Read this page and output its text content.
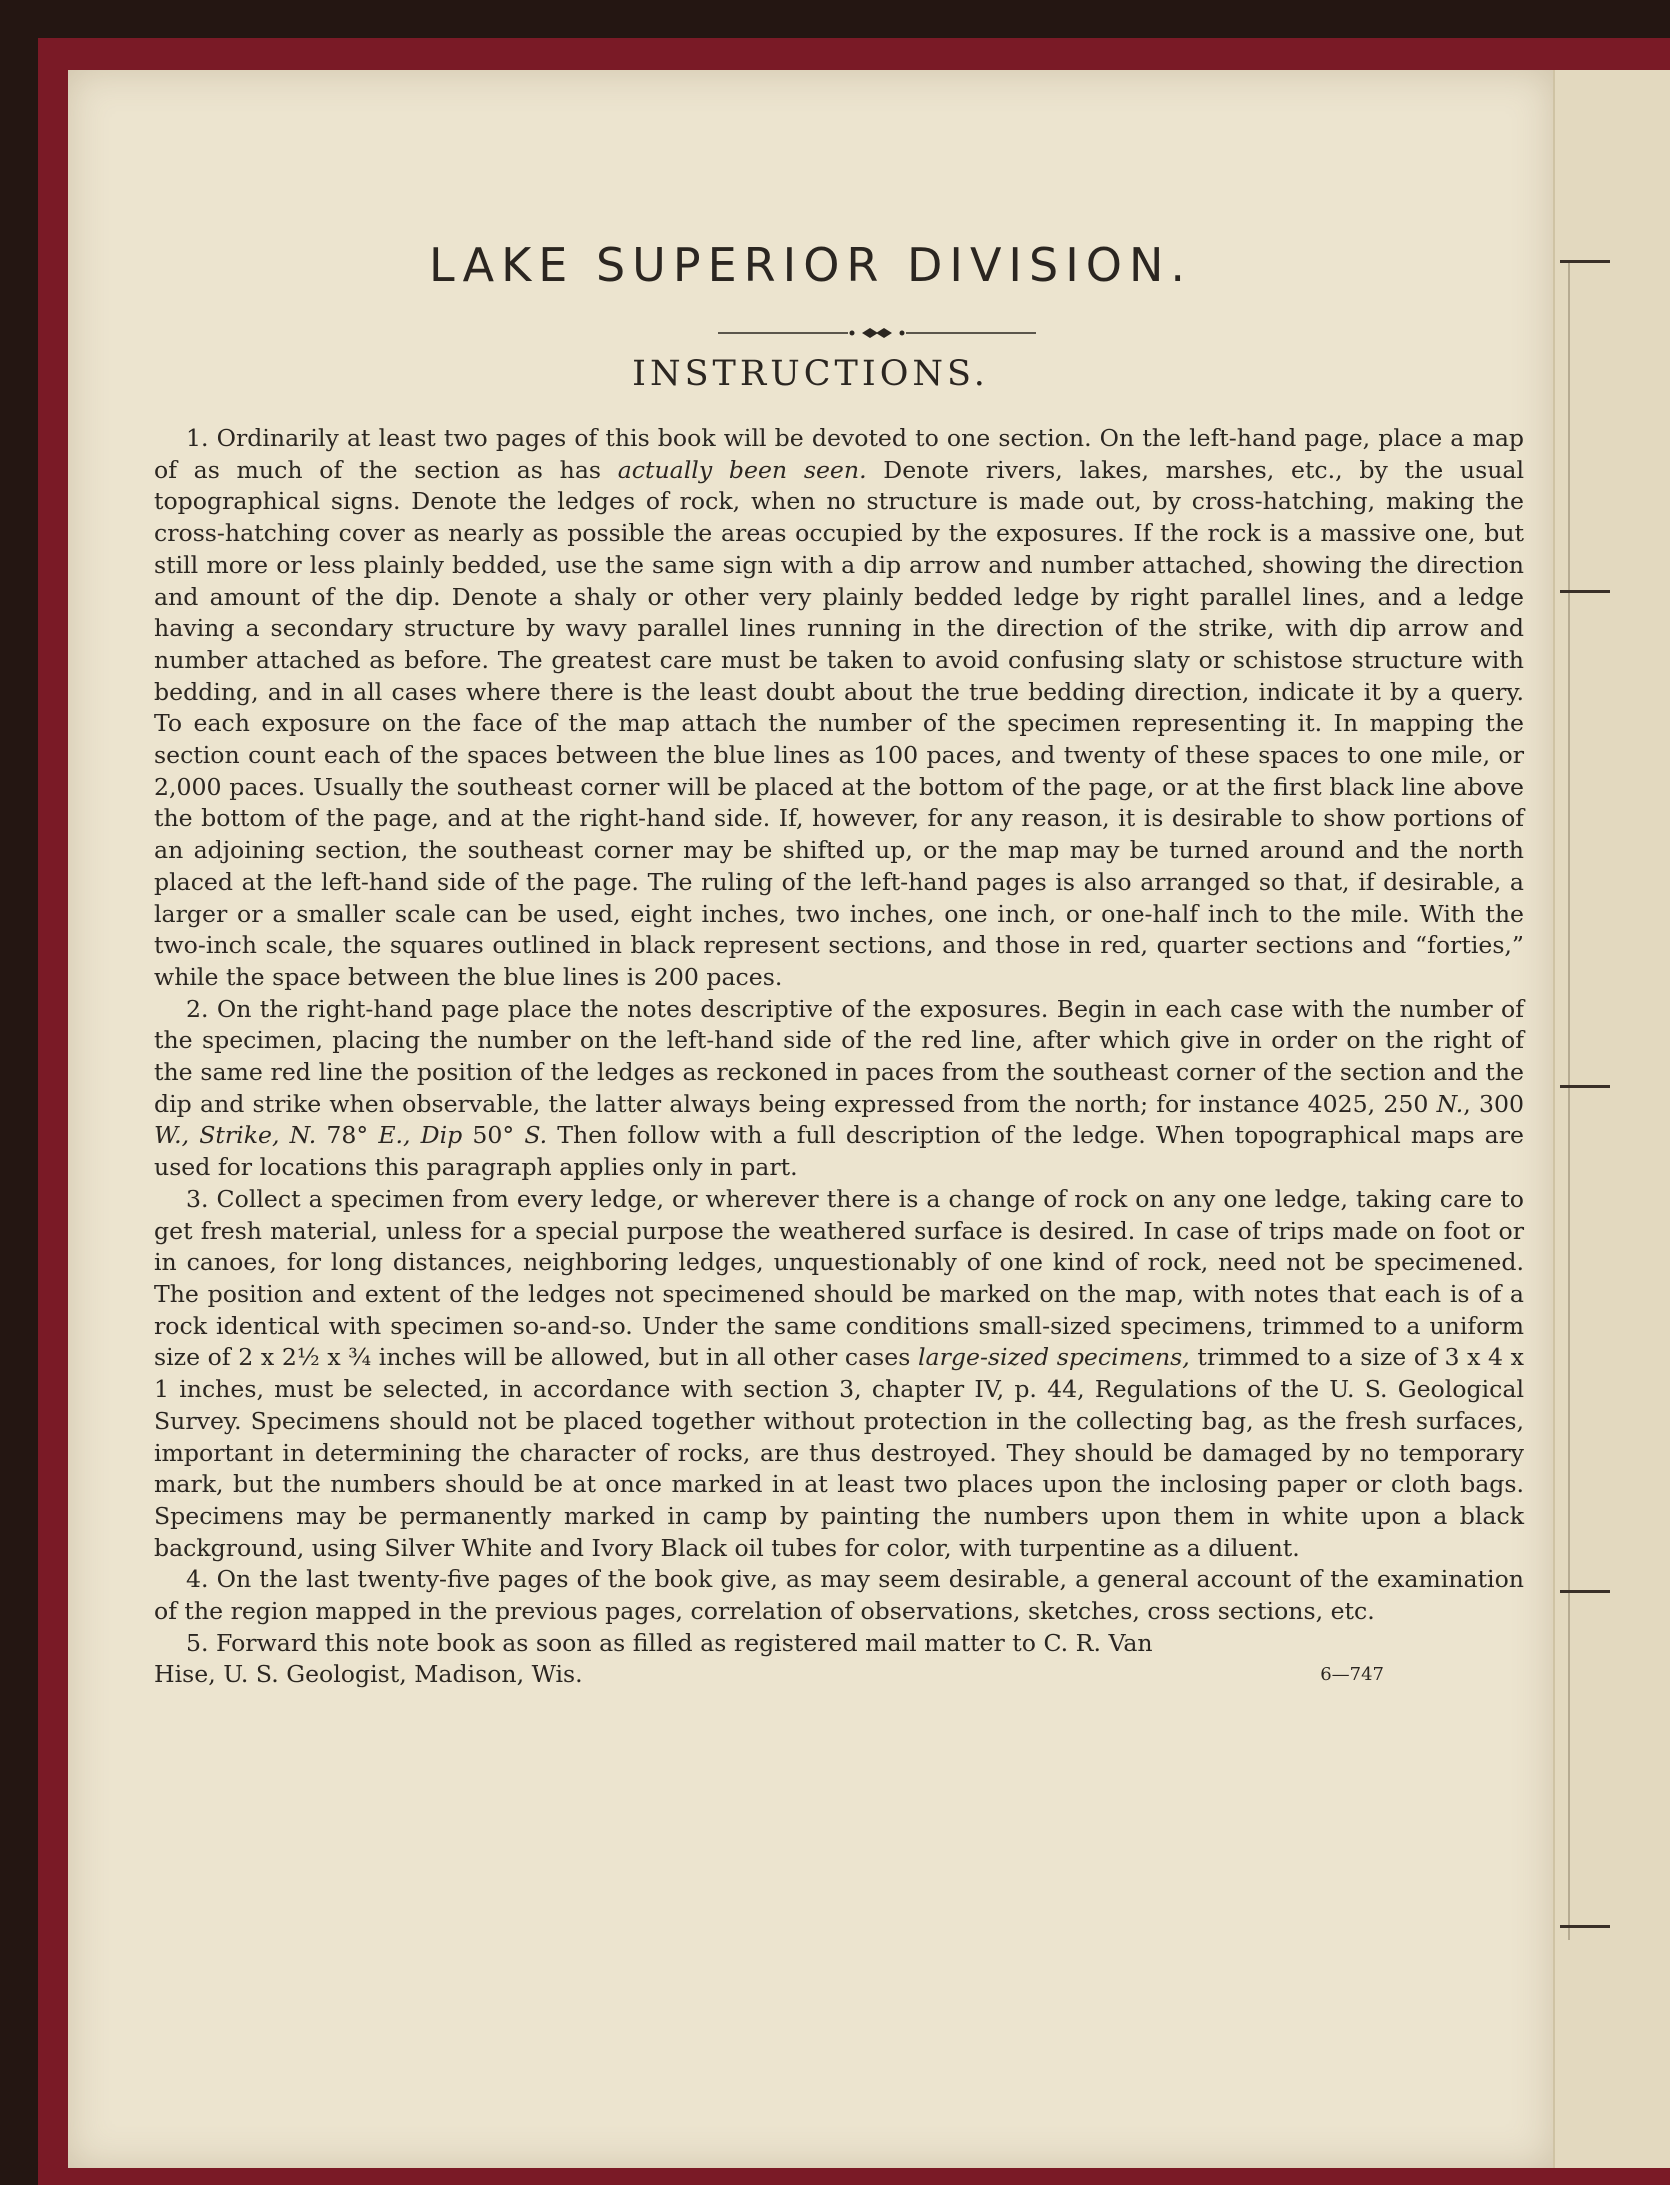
LAKE SUPERIOR DIVISION.
INSTRUCTIONS.

1. Ordinarily at least two pages of this book will be devoted to one section. On the left-hand page, place a map of as much of the section as has actually been seen. Denote rivers, lakes, marshes, etc., by the usual topographical signs. Denote the ledges of rock, when no structure is made out, by cross-hatching, making the cross-hatching cover as nearly as possible the areas occupied by the exposures. If the rock is a massive one, but still more or less plainly bedded, use the same sign with a dip arrow and number attached, showing the direction and amount of the dip. Denote a shaly or other very plainly bedded ledge by right parallel lines, and a ledge having a secondary structure by wavy parallel lines running in the direction of the strike, with dip arrow and number attached as before. The greatest care must be taken to avoid confusing slaty or schistose structure with bedding, and in all cases where there is the least doubt about the true bedding direction, indicate it by a query. To each exposure on the face of the map attach the number of the specimen representing it. In mapping the section count each of the spaces between the blue lines as 100 paces, and twenty of these spaces to one mile, or 2,000 paces. Usually the southeast corner will be placed at the bottom of the page, or at the first black line above the bottom of the page, and at the right-hand side. If, however, for any reason, it is desirable to show portions of an adjoining section, the southeast corner may be shifted up, or the map may be turned around and the north placed at the left-hand side of the page. The ruling of the left-hand pages is also arranged so that, if desirable, a larger or a smaller scale can be used, eight inches, two inches, one inch, or one-half inch to the mile. With the two-inch scale, the squares outlined in black represent sections, and those in red, quarter sections and “forties,” while the space between the blue lines is 200 paces.

2. On the right-hand page place the notes descriptive of the exposures. Begin in each case with the number of the specimen, placing the number on the left-hand side of the red line, after which give in order on the right of the same red line the position of the ledges as reckoned in paces from the southeast corner of the section and the dip and strike when observable, the latter always being expressed from the north; for instance 4025, 250 N., 300 W., Strike, N. 78° E., Dip 50° S. Then follow with a full description of the ledge. When topographical maps are used for locations this paragraph applies only in part.

3. Collect a specimen from every ledge, or wherever there is a change of rock on any one ledge, taking care to get fresh material, unless for a special purpose the weathered surface is desired. In case of trips made on foot or in canoes, for long distances, neighboring ledges, unquestionably of one kind of rock, need not be specimened. The position and extent of the ledges not specimened should be marked on the map, with notes that each is of a rock identical with specimen so-and-so. Under the same conditions small-sized specimens, trimmed to a uniform size of 2 x 2½ x ¾ inches will be allowed, but in all other cases large-sized specimens, trimmed to a size of 3 x 4 x 1 inches, must be selected, in accordance with section 3, chapter IV, p. 44, Regulations of the U. S. Geological Survey. Specimens should not be placed together without protection in the collecting bag, as the fresh surfaces, important in determining the character of rocks, are thus destroyed. They should be damaged by no temporary mark, but the numbers should be at once marked in at least two places upon the inclosing paper or cloth bags. Specimens may be permanently marked in camp by painting the numbers upon them in white upon a black background, using Silver White and Ivory Black oil tubes for color, with turpentine as a diluent.

4. On the last twenty-five pages of the book give, as may seem desirable, a general account of the examination of the region mapped in the previous pages, correlation of observations, sketches, cross sections, etc.

5. Forward this note book as soon as filled as registered mail matter to C. R. Van

Hise, U. S. Geologist, Madison, Wis.	6—747
